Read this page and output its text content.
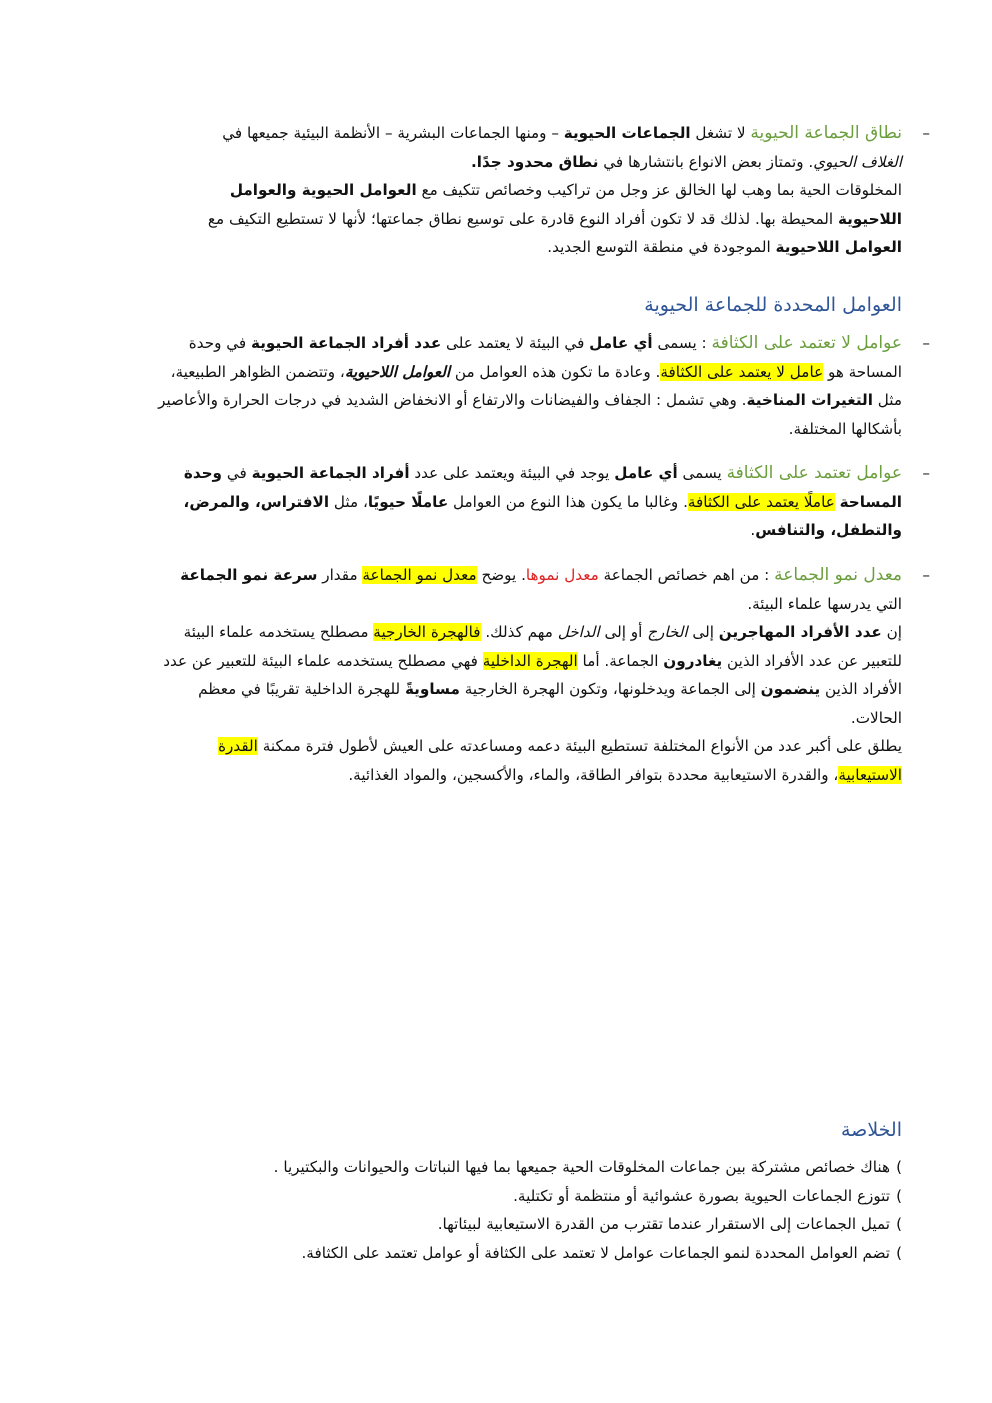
–
نطاق الجماعة الحيوية لا تشغل الجماعات الحيوية – ومنها الجماعات البشرية – الأنظمة البيئية جميعها في الغلاف الحيوي. وتمتاز بعض الانواع بانتشارها في نطاق محدود جدًا.
المخلوقات الحية بما وهب لها الخالق عز وجل من تراكيب وخصائص تتكيف مع العوامل الحيوية والعوامل اللاحيوية المحيطة بها. لذلك قد لا تكون أفراد النوع قادرة على توسيع نطاق جماعتها؛ لأنها لا تستطيع التكيف مع العوامل اللاحيوية الموجودة في منطقة التوسع الجديد.
العوامل المحددة للجماعة الحيوية
–
عوامل لا تعتمد على الكثافة : يسمى أي عامل في البيئة لا يعتمد على عدد أفراد الجماعة الحيوية في وحدة المساحة هو عامل لا يعتمد على الكثافة. وعادة ما تكون هذه العوامل من العوامل اللاحيوية، وتتضمن الظواهر الطبيعية، مثل التغيرات المناخية. وهي تشمل : الجفاف والفيضانات والارتفاع أو الانخفاض الشديد في درجات الحرارة والأعاصير بأشكالها المختلفة.
–
عوامل تعتمد على الكثافة يسمى أي عامل يوجد في البيئة ويعتمد على عدد أفراد الجماعة الحيوية في وحدة المساحة عاملًا يعتمد على الكثافة. وغالبا ما يكون هذا النوع من العوامل عاملًا حيويًا، مثل الافتراس، والمرض، والتطفل، والتنافس.
–
معدل نمو الجماعة : من اهم خصائص الجماعة معدل نموها. يوضح معدل نمو الجماعة مقدار سرعة نمو الجماعة التي يدرسها علماء البيئة.
إن عدد الأفراد المهاجرين إلى الخارج أو إلى الداخل مهم كذلك. فالهجرة الخارجية مصطلح يستخدمه علماء البيئة للتعبير عن عدد الأفراد الذين يغادرون الجماعة. أما الهجرة الداخلية فهي مصطلح يستخدمه علماء البيئة للتعبير عن عدد الأفراد الذين ينضمون إلى الجماعة ويدخلونها، وتكون الهجرة الخارجية مساويةً للهجرة الداخلية تقريبًا في معظم الحالات.
يطلق على أكبر عدد من الأنواع المختلفة تستطيع البيئة دعمه ومساعدته على العيش لأطول فترة ممكنة القدرة الاستيعابية، والقدرة الاستيعابية محددة بتوافر الطاقة، والماء، والأكسجين، والمواد الغذائية.
الخلاصة
)
هناك خصائص مشتركة بين جماعات المخلوقات الحية جميعها بما فيها النباتات والحيوانات والبكتيريا .
)
تتوزع الجماعات الحيوية بصورة عشوائية أو منتظمة أو تكتلية.
)
تميل الجماعات إلى الاستقرار عندما تقترب من القدرة الاستيعابية لبيئاتها.
)
تضم العوامل المحددة لنمو الجماعات عوامل لا تعتمد على الكثافة أو عوامل تعتمد على الكثافة.
